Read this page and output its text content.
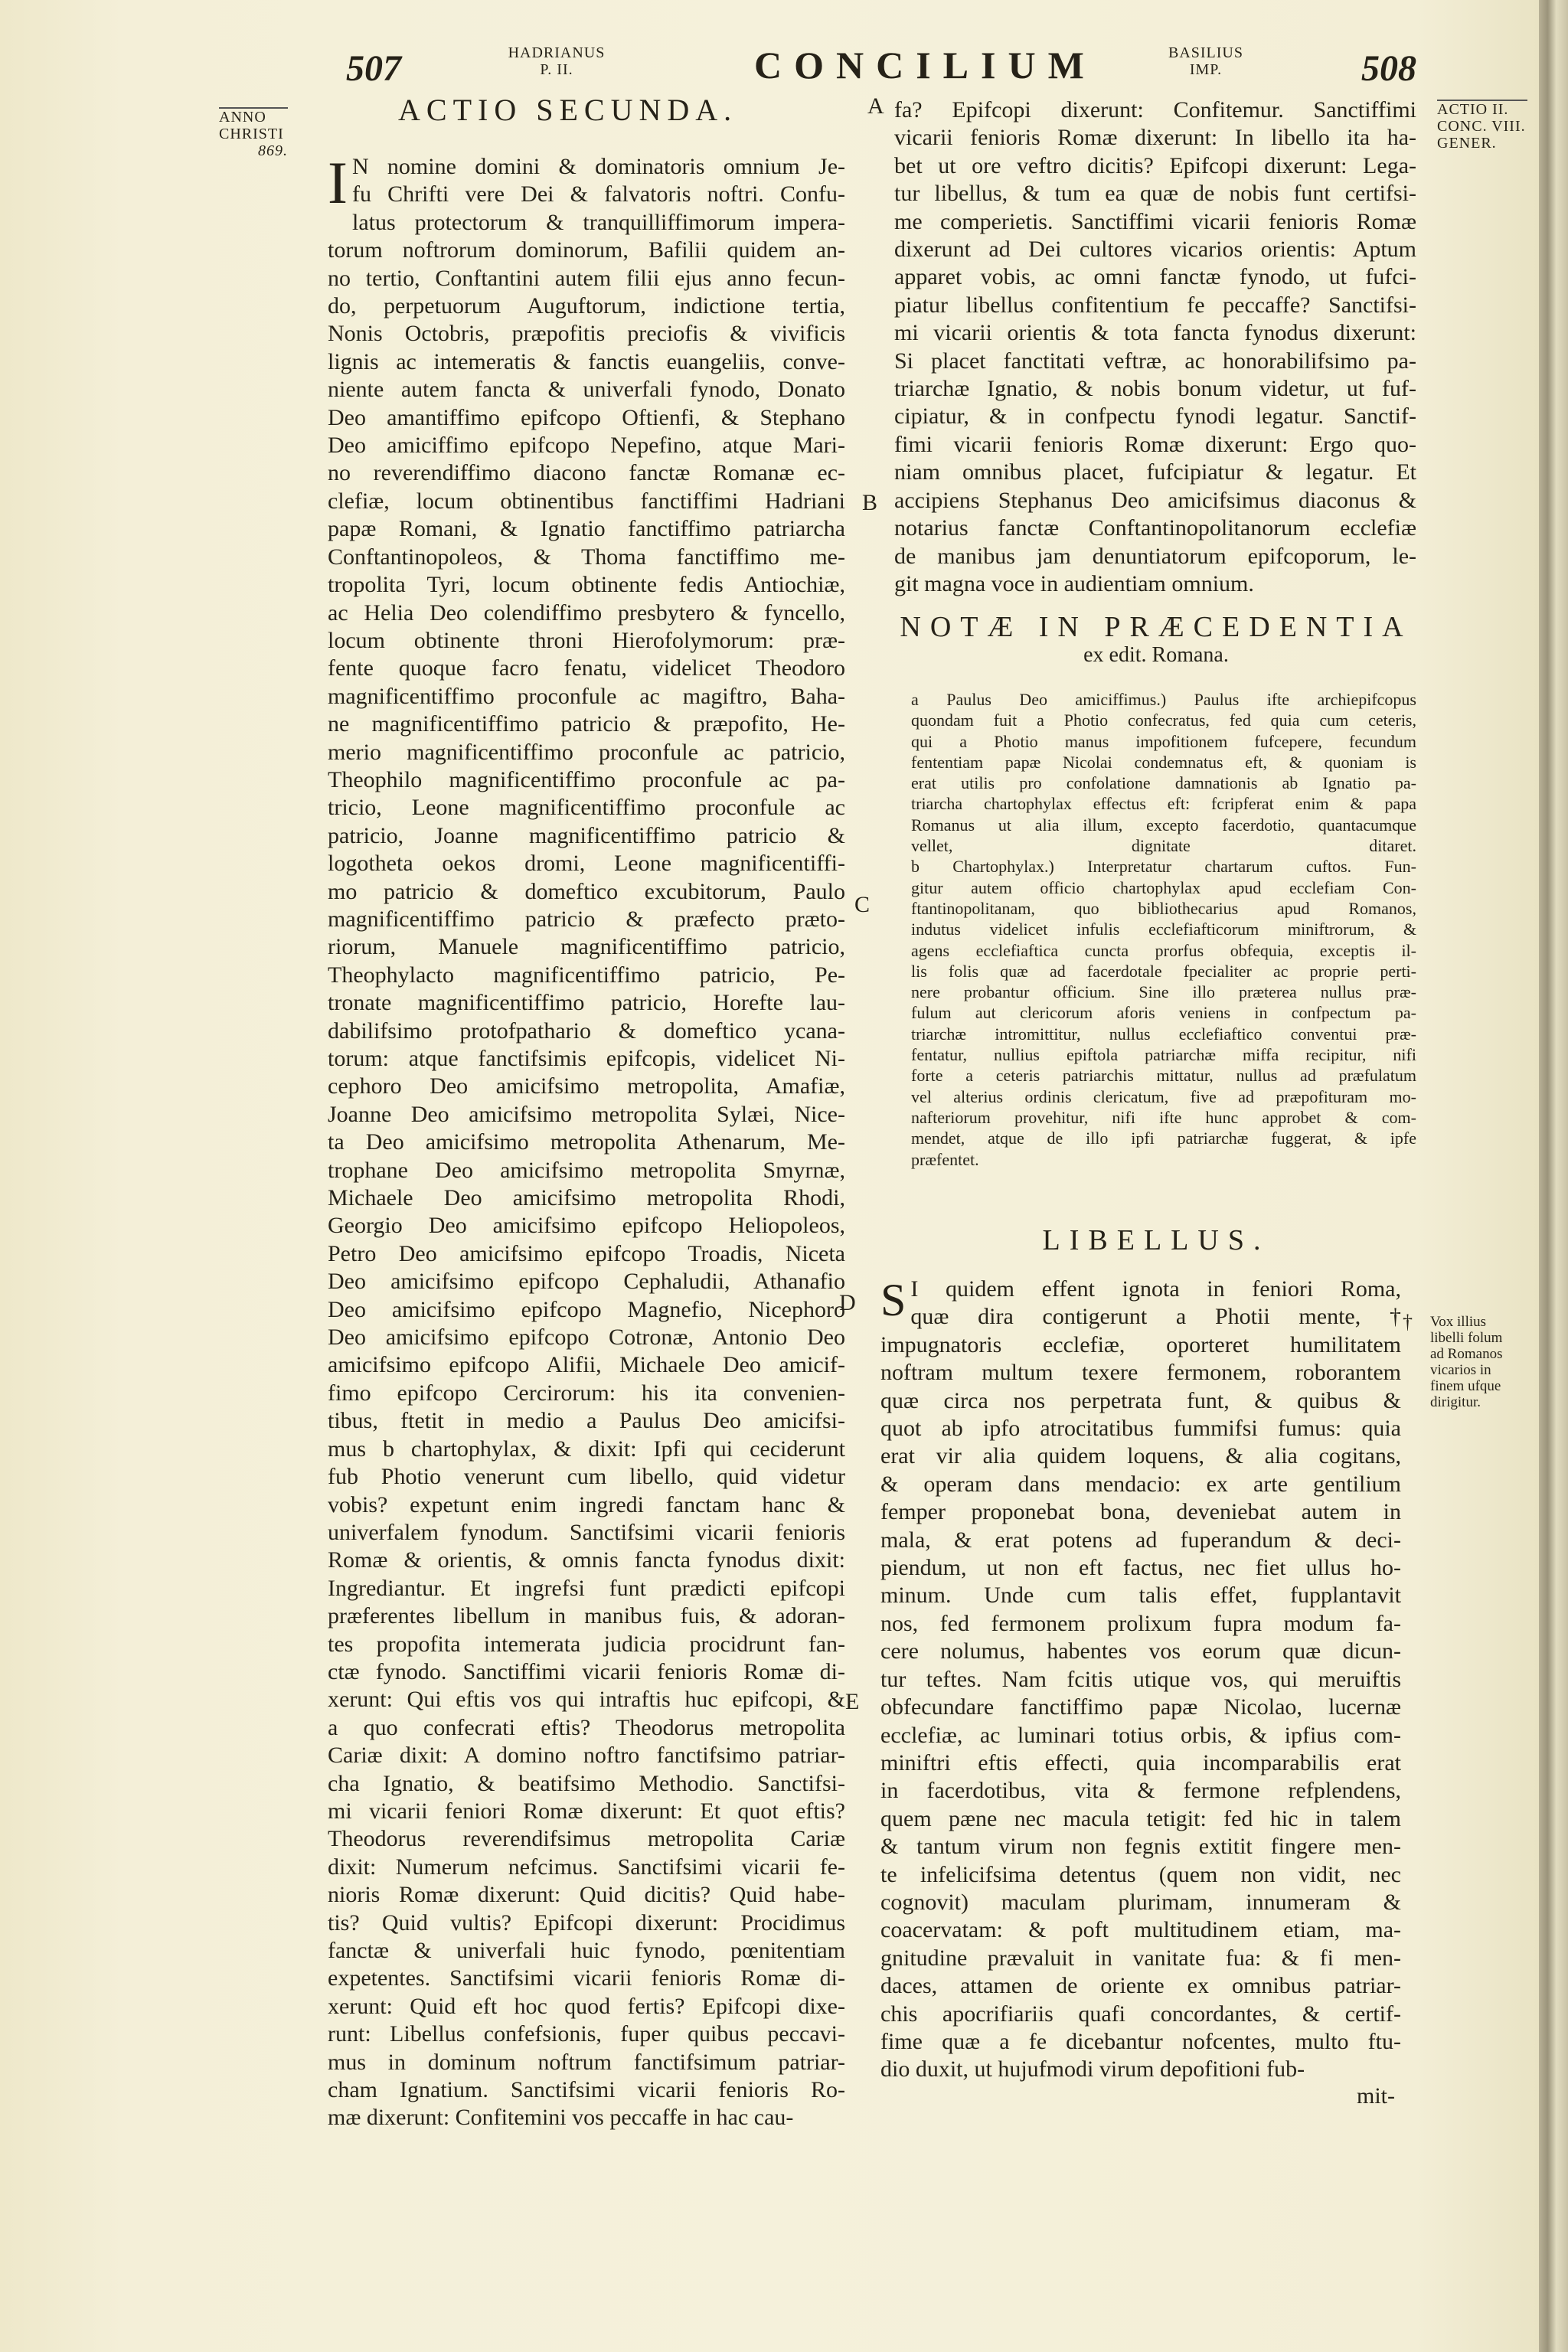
507	HADRIANUS
P. II.	CONCILIUM	BASILIUS
IMP.	508
ANNO
CHRISTI
869.
ACTIO II.
CONC. VIII.
GENER.
ACTIO SECUNDA.
I N nomine domini & dominatoris omnium Je-
fu Chrifti vere Dei & falvatoris noftri. Confu-
latus protectorum & tranquilliffimorum impera-
torum noftrorum dominorum, Bafilii quidem an-
no tertio, Conftantini autem filii ejus anno fecun-
do, perpetuorum Auguftorum, indictione tertia,
Nonis Octobris, præpofitis preciofis & vivificis
lignis ac intemeratis & fanctis euangeliis, conve-
niente autem fancta & univerfali fynodo, Donato
Deo amantiffimo epifcopo Oftienfi, & Stephano
Deo amiciffimo epifcopo Nepefino, atque Mari-
no reverendiffimo diacono fanctæ Romanæ ec-
clefiæ, locum obtinentibus fanctiffimi Hadriani
papæ Romani, & Ignatio fanctiffimo patriarcha
Conftantinopoleos, & Thoma fanctiffimo me-
tropolita Tyri, locum obtinente fedis Antiochiæ,
ac Helia Deo colendiffimo presbytero & fyncello,
locum obtinente throni Hierofolymorum: præ-
fente quoque facro fenatu, videlicet Theodoro
magnificentiffimo proconfule ac magiftro, Baha-
ne magnificentiffimo patricio & præpofito, He-
merio magnificentiffimo proconfule ac patricio,
Theophilo magnificentiffimo proconfule ac pa-
tricio, Leone magnificentiffimo proconfule ac
patricio, Joanne magnificentiffimo patricio &
logotheta oekos dromi, Leone magnificentiffi-
mo patricio & domeftico excubitorum, Paulo
magnificentiffimo patricio & præfecto præto-
riorum, Manuele magnificentiffimo patricio,
Theophylacto magnificentiffimo patricio, Pe-
tronate magnificentiffimo patricio, Horefte lau-
dabilifsimo protofpathario & domeftico ycana-
torum: atque fanctifsimis epifcopis, videlicet Ni-
cephoro Deo amicifsimo metropolita, Amafiæ,
Joanne Deo amicifsimo metropolita Sylæi, Nice-
ta Deo amicifsimo metropolita Athenarum, Me-
trophane Deo amicifsimo metropolita Smyrnæ,
Michaele Deo amicifsimo metropolita Rhodi,
Georgio Deo amicifsimo epifcopo Heliopoleos,
Petro Deo amicifsimo epifcopo Troadis, Niceta
Deo amicifsimo epifcopo Cephaludii, Athanafio
Deo amicifsimo epifcopo Magnefio, Nicephoro
Deo amicifsimo epifcopo Cotronæ, Antonio Deo
amicifsimo epifcopo Alifii, Michaele Deo amicif-
fimo epifcopo Cercirorum: his ita convenien-
tibus, ftetit in medio a Paulus Deo amicifsi-
mus b chartophylax, & dixit: Ipfi qui ceciderunt
fub Photio venerunt cum libello, quid videtur
vobis? expetunt enim ingredi fanctam hanc &
univerfalem fynodum. Sanctifsimi vicarii fenioris
Romæ & orientis, & omnis fancta fynodus dixit:
Ingrediantur. Et ingrefsi funt prædicti epifcopi
præferentes libellum in manibus fuis, & adoran-
tes propofita intemerata judicia procidrunt fan-
ctæ fynodo. Sanctiffimi vicarii fenioris Romæ di-
xerunt: Qui eftis vos qui intraftis huc epifcopi, &
a quo confecrati eftis? Theodorus metropolita
Cariæ dixit: A domino noftro fanctifsimo patriar-
cha Ignatio, & beatifsimo Methodio. Sanctifsi-
mi vicarii feniori Romæ dixerunt: Et quot eftis?
Theodorus reverendifsimus metropolita Cariæ
dixit: Numerum nefcimus. Sanctifsimi vicarii fe-
nioris Romæ dixerunt: Quid dicitis? Quid habe-
tis? Quid vultis? Epifcopi dixerunt: Procidimus
fanctæ & univerfali huic fynodo, pœnitentiam
expetentes. Sanctifsimi vicarii fenioris Romæ di-
xerunt: Quid eft hoc quod fertis? Epifcopi dixe-
runt: Libellus confefsionis, fuper quibus peccavi-
mus in dominum noftrum fanctifsimum patriar-
cham Ignatium. Sanctifsimi vicarii fenioris Ro-
mæ dixerunt: Confitemini vos peccaffe in hac cau-
A
B
C
D
E
fa? Epifcopi dixerunt: Confitemur. Sanctiffimi
vicarii fenioris Romæ dixerunt: In libello ita ha-
bet ut ore veftro dicitis? Epifcopi dixerunt: Lega-
tur libellus, & tum ea quæ de nobis funt certifsi-
me comperietis. Sanctiffimi vicarii fenioris Romæ
dixerunt ad Dei cultores vicarios orientis: Aptum
apparet vobis, ac omni fanctæ fynodo, ut fufci-
piatur libellus confitentium fe peccaffe? Sanctifsi-
mi vicarii orientis & tota fancta fynodus dixerunt:
Si placet fanctitati veftræ, ac honorabilifsimo pa-
triarchæ Ignatio, & nobis bonum videtur, ut fuf-
cipiatur, & in confpectu fynodi legatur. Sanctif-
fimi vicarii fenioris Romæ dixerunt: Ergo quo-
niam omnibus placet, fufcipiatur & legatur. Et
accipiens Stephanus Deo amicifsimus diaconus &
notarius fanctæ Conftantinopolitanorum ecclefiæ
de manibus jam denuntiatorum epifcoporum, le-
git magna voce in audientiam omnium.
NOTÆ IN PRÆCEDENTIA
ex edit. Romana.
a Paulus Deo amiciffimus.) Paulus ifte archiepifcopus
quondam fuit a Photio confecratus, fed quia cum ceteris,
qui a Photio manus impofitionem fufcepere, fecundum
fententiam papæ Nicolai condemnatus eft, & quoniam is
erat utilis pro confolatione damnationis ab Ignatio pa-
triarcha chartophylax effectus eft: fcripferat enim & papa
Romanus ut alia illum, excepto facerdotio, quantacumque
vellet, dignitate ditaret.
b Chartophylax.) Interpretatur chartarum cuftos. Fun-
gitur autem officio chartophylax apud ecclefiam Con-
ftantinopolitanam, quo bibliothecarius apud Romanos,
indutus videlicet infulis ecclefiafticorum miniftrorum, &
agens ecclefiaftica cuncta prorfus obfequia, exceptis il-
lis folis quæ ad facerdotale fpecialiter ac proprie perti-
nere probantur officium. Sine illo præterea nullus præ-
fulum aut clericorum aforis veniens in confpectum pa-
triarchæ intromittitur, nullus ecclefiaftico conventui præ-
fentatur, nullius epiftola patriarchæ miffa recipitur, nifi
forte a ceteris patriarchis mittatur, nullus ad præfulatum
vel alterius ordinis clericatum, five ad præpofituram mo-
nafteriorum provehitur, nifi ifte hunc approbet & com-
mendet, atque de illo ipfi patriarchæ fuggerat, & ipfe
præfentet.
LIBELLUS.
S I quidem effent ignota in feniori Roma,
quæ dira contigerunt a Photii mente, †
impugnatoris ecclefiæ, oporteret humilitatem
noftram multum texere fermonem, roborantem
quæ circa nos perpetrata funt, & quibus &
quot ab ipfo atrocitatibus fummifsi fumus: quia
erat vir alia quidem loquens, & alia cogitans,
& operam dans mendacio: ex arte gentilium
femper proponebat bona, deveniebat autem in
mala, & erat potens ad fuperandum & deci-
piendum, ut non eft factus, nec fiet ullus ho-
minum. Unde cum talis effet, fupplantavit
nos, fed fermonem prolixum fupra modum fa-
cere nolumus, habentes vos eorum quæ dicun-
tur teftes. Nam fcitis utique vos, qui meruiftis
obfecundare fanctiffimo papæ Nicolao, lucernæ
ecclefiæ, ac luminari totius orbis, & ipfius com-
miniftri eftis effecti, quia incomparabilis erat
in facerdotibus, vita & fermone refplendens,
quem pæne nec macula tetigit: fed hic in talem
& tantum virum non fegnis extitit fingere men-
te infelicifsima detentus (quem non vidit, nec
cognovit) maculam plurimam, innumeram &
coacervatam: & poft multitudinem etiam, ma-
gnitudine prævaluit in vanitate fua: & fi men-
daces, attamen de oriente ex omnibus patriar-
chis apocrifiariis quafi concordantes, & certif-
fime quæ a fe dicebantur nofcentes, multo ftu-
dio duxit, ut hujufmodi virum depofitioni fub-
mit-
† Vox illius
libelli folum
ad Romanos
vicarios in
finem ufque
dirigitur.
